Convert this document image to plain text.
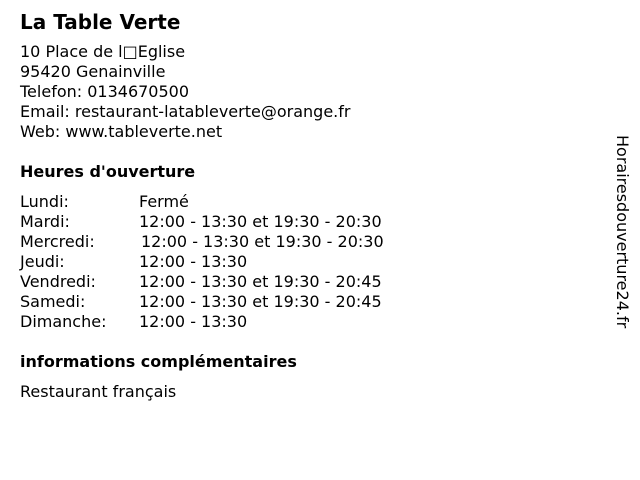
La Table Verte
10 Place de l□Eglise
95420 Genainville
Telefon: 0134670500
Email: restaurant-latableverte@orange.fr
Web: www.tableverte.net
Heures d'ouverture
Lundi:	Fermé
Mardi:	12:00 - 13:30 et 19:30 - 20:30
Mercredi:	12:00 - 13:30 et 19:30 - 20:30
Jeudi:	12:00 - 13:30
Vendredi:	12:00 - 13:30 et 19:30 - 20:45
Samedi:	12:00 - 13:30 et 19:30 - 20:45
Dimanche:	12:00 - 13:30
informations complémentaires
Restaurant français
Horairesdouverture24.fr
